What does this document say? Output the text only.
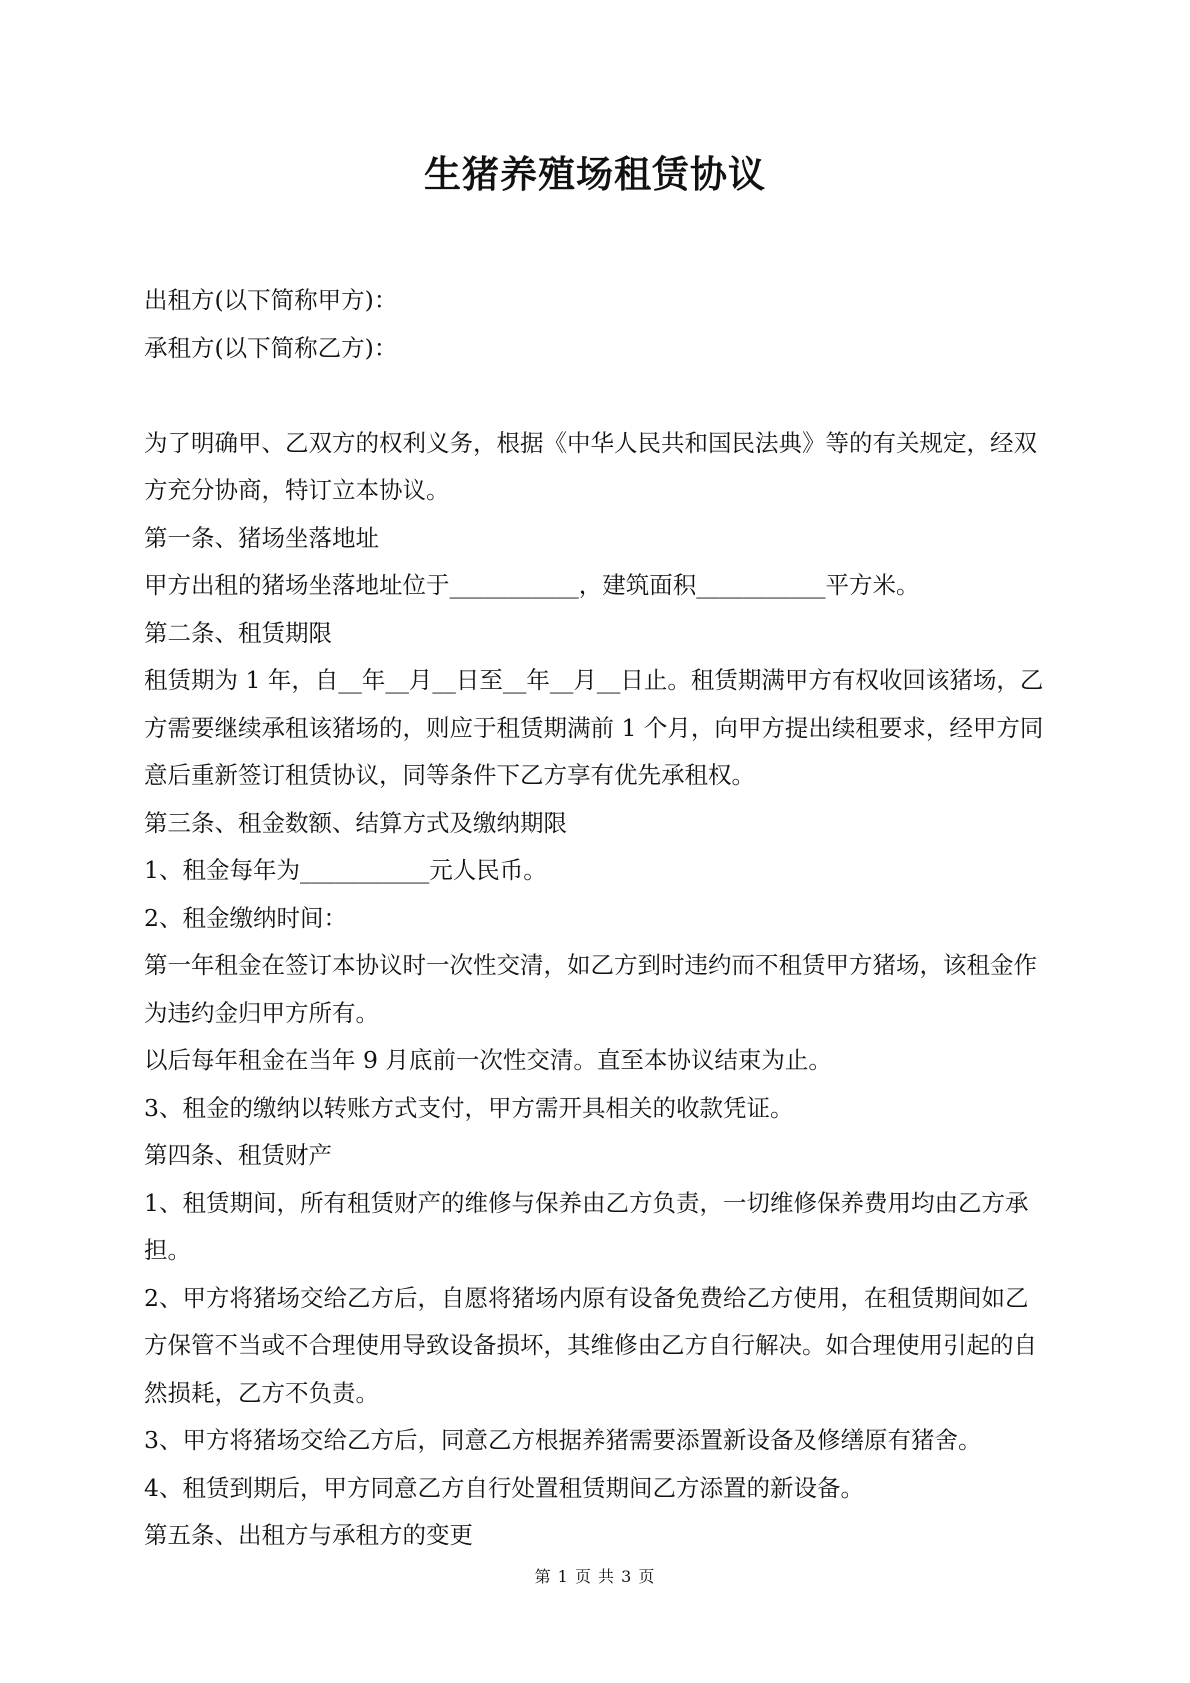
生猪养殖场租赁协议

出租方(以下简称甲方)：

承租方(以下简称乙方)：

为了明确甲、乙双方的权利义务，根据《中华人民共和国民法典》等的有关规定，经双

方充分协商，特订立本协议。

第一条、猪场坐落地址

甲方出租的猪场坐落地址位于___________，建筑面积___________平方米。

第二条、租赁期限

租赁期为 1 年，自__年__月__日至__年__月__日止。租赁期满甲方有权收回该猪场，乙

方需要继续承租该猪场的，则应于租赁期满前 1 个月，向甲方提出续租要求，经甲方同

意后重新签订租赁协议，同等条件下乙方享有优先承租权。

第三条、租金数额、结算方式及缴纳期限

1、租金每年为___________元人民币。

2、租金缴纳时间：

第一年租金在签订本协议时一次性交清，如乙方到时违约而不租赁甲方猪场，该租金作

为违约金归甲方所有。

以后每年租金在当年 9 月底前一次性交清。直至本协议结束为止。

3、租金的缴纳以转账方式支付，甲方需开具相关的收款凭证。

第四条、租赁财产

1、租赁期间，所有租赁财产的维修与保养由乙方负责，一切维修保养费用均由乙方承

担。

2、甲方将猪场交给乙方后，自愿将猪场内原有设备免费给乙方使用，在租赁期间如乙

方保管不当或不合理使用导致设备损坏，其维修由乙方自行解决。如合理使用引起的自

然损耗，乙方不负责。

3、甲方将猪场交给乙方后，同意乙方根据养猪需要添置新设备及修缮原有猪舍。

4、租赁到期后，甲方同意乙方自行处置租赁期间乙方添置的新设备。

第五条、出租方与承租方的变更

第 1 页 共 3 页
